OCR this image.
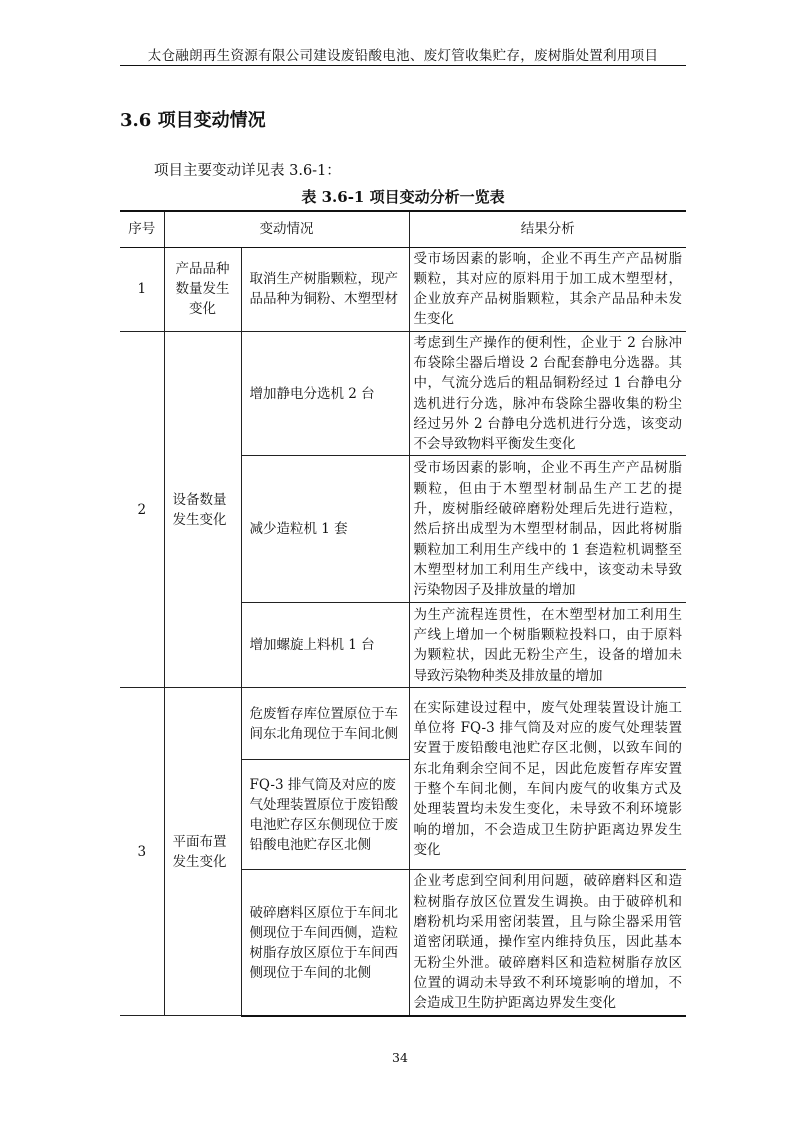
太仓融朗再生资源有限公司建设废铅酸电池、废灯管收集贮存，废树脂处置利用项目
3.6 项目变动情况
项目主要变动详见表 3.6-1：
表 3.6-1 项目变动分析一览表
序号	变动情况		结果分析
1	产品品种数量发生变化	取消生产树脂颗粒，现产品品种为铜粉、木塑型材	受市场因素的影响，企业不再生产产品树脂颗粒，其对应的原料用于加工成木塑型材，企业放弃产品树脂颗粒，其余产品品种未发生变化
2	设备数量发生变化	增加静电分选机 2 台	考虑到生产操作的便利性，企业于 2 台脉冲布袋除尘器后增设 2 台配套静电分选器。其中，气流分选后的粗品铜粉经过 1 台静电分选机进行分选，脉冲布袋除尘器收集的粉尘经过另外 2 台静电分选机进行分选，该变动不会导致物料平衡发生变化
		减少造粒机 1 套	受市场因素的影响，企业不再生产产品树脂颗粒，但由于木塑型材制品生产工艺的提升，废树脂经破碎磨粉处理后先进行造粒，然后挤出成型为木塑型材制品，因此将树脂颗粒加工利用生产线中的 1 套造粒机调整至木塑型材加工利用生产线中，该变动未导致污染物因子及排放量的增加
		增加螺旋上料机 1 台	为生产流程连贯性，在木塑型材加工利用生产线上增加一个树脂颗粒投料口，由于原料为颗粒状，因此无粉尘产生，设备的增加未导致污染物种类及排放量的增加
3	平面布置发生变化	危废暂存库位置原位于车间东北角现位于车间北侧	在实际建设过程中，废气处理装置设计施工单位将 FQ-3 排气筒及对应的废气处理装置安置于废铅酸电池贮存区北侧，以致车间的东北角剩余空间不足，因此危废暂存库安置于整个车间北侧，车间内废气的收集方式及处理装置均未发生变化，未导致不利环境影响的增加，不会造成卫生防护距离边界发生变化
		FQ-3 排气筒及对应的废气处理装置原位于废铅酸电池贮存区东侧现位于废铅酸电池贮存区北侧	
		破碎磨料区原位于车间北侧现位于车间西侧，造粒树脂存放区原位于车间西侧现位于车间的北侧	企业考虑到空间利用问题，破碎磨料区和造粒树脂存放区位置发生调换。由于破碎机和磨粉机均采用密闭装置，且与除尘器采用管道密闭联通，操作室内维持负压，因此基本无粉尘外泄。破碎磨料区和造粒树脂存放区位置的调动未导致不利环境影响的增加，不会造成卫生防护距离边界发生变化
34
